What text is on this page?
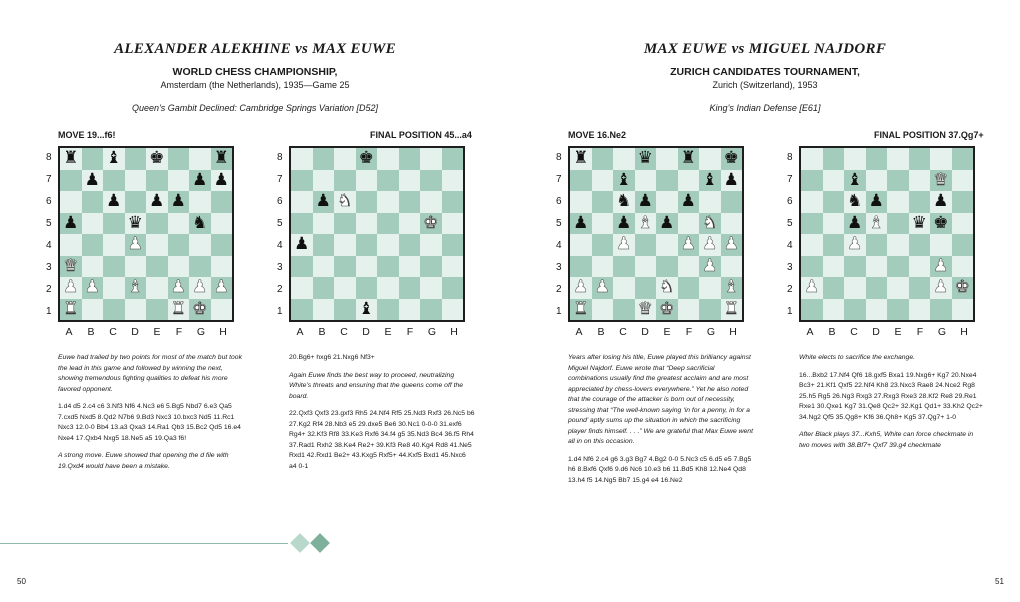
ALEXANDER ALEKHINE vs MAX EUWE
WORLD CHESS CHAMPIONSHIP,
Amsterdam (the Netherlands), 1935—Game 25
Queen’s Gambit Declined: Cambridge Springs Variation [D52]
MOVE 19...f6!
8
7
6
5
4
3
2
1
♜ ♝ ♚	♜
♟	♟ ♟
♟ ♟ ♟
♟	♛	♞
♟
♛
♟ ♟ ♝ ♟ ♟ ♟
♜	♜ ♚
A	B	C	D	E	F	G	H
FINAL POSITION 45...a4
8
7
6
5
4
3
2
1
♚
♟ ♞
♚
♟
♝
A	B	C	D	E	F	G	H

Euwe had trailed by two points for most of the match but took the lead in this game and followed by winning the next, showing tremendous fighting qualities to defeat his more favored opponent.

1.d4 d5 2.c4 c6 3.Nf3 Nf6 4.Nc3 e6 5.Bg5 Nbd7 6.e3 Qa5 7.cxd5 Nxd5 8.Qd2 N7b6 9.Bd3 Nxc3 10.bxc3 Nd5 11.Rc1 Nxc3 12.0-0 Bb4 13.a3 Qxa3 14.Ra1 Qb3 15.Bc2 Qd5 16.e4 Nxe4 17.Qxb4 Nxg5 18.Ne5 a5 19.Qa3 f6!

A strong move. Euwe showed that opening the d file with 19.Qxd4 would have been a mistake.

20.Bg6+ hxg6 21.Nxg6 Nf3+

Again Euwe finds the best way to proceed, neutralizing White’s threats and ensuring that the queens come off the board.

22.Qxf3 Qxf3 23.gxf3 Rh5 24.Nf4 Rf5 25.Nd3 Rxf3 26.Nc5 b6 27.Kg2 Rf4 28.Nb3 e5 29.dxe5 Be6 30.Nc1 0-0-0 31.exf6 Rg4+ 32.Kf3 Rf8 33.Ke3 Rxf6 34.f4 g5 35.Nd3 Bc4 36.f5 Rh4 37.Rad1 Rxh2 38.Ke4 Re2+ 39.Kf3 Re8 40.Kg4 Rd8 41.Ne5 Rxd1 42.Rxd1 Be2+ 43.Kxg5 Rxf5+ 44.Kxf5 Bxd1 45.Nxc6 a4 0-1

50
MAX EUWE vs MIGUEL NAJDORF
ZURICH CANDIDATES TOURNAMENT,
Zurich (Switzerland), 1953
King’s Indian Defense [E61]
MOVE 16.Ne2
8
7
6
5
4
3
2
1
♜	♛ ♜ ♚
♝	♝ ♟
♞ ♟ ♟
♟ ♟ ♝ ♟ ♞
♟	♟ ♟ ♟
♟
♟ ♟	♞	♝
♜	♛ ♚	♜
A	B	C	D	E	F	G	H
FINAL POSITION 37.Qg7+
8
7
6
5
4
3
2
1
♝	♛
♞ ♟	♟
♟ ♝ ♛ ♚
♟
♟
♟	♟ ♚
A	B	C	D	E	F	G	H

Years after losing his title, Euwe played this brilliancy against Miguel Najdorf. Euwe wrote that “Deep sacrificial combinations usually find the greatest acclaim and are most appreciated by chess-lovers everywhere.” Yet he also noted that the courage of the attacker is born out of necessity, stressing that “The well-known saying ‘in for a penny, in for a pound’ aptly sums up the situation in which the sacrificing player finds himself. . . .” We are grateful that Max Euwe went all in on this occasion.

1.d4 Nf6 2.c4 g6 3.g3 Bg7 4.Bg2 0-0 5.Nc3 c5 6.d5 e5 7.Bg5 h6 8.Bxf6 Qxf6 9.d6 Nc6 10.e3 b6 11.Bd5 Kh8 12.Ne4 Qd8 13.h4 f5 14.Ng5 Bb7 15.g4 e4 16.Ne2

White elects to sacrifice the exchange.

16...Bxb2 17.Nf4 Qf6 18.gxf5 Bxa1 19.Nxg6+ Kg7 20.Nxe4 Bc3+ 21.Kf1 Qxf5 22.Nf4 Kh8 23.Nxc3 Rae8 24.Nce2 Rg8 25.h5 Rg5 26.Ng3 Rxg3 27.Rxg3 Rxe3 28.Kf2 Re8 29.Re1 Rxe1 30.Qxe1 Kg7 31.Qe8 Qc2+ 32.Kg1 Qd1+ 33.Kh2 Qc2+ 34.Ng2 Qf5 35.Qg8+ Kf6 36.Qh8+ Kg5 37.Qg7+ 1-0

After Black plays 37...Kxh5, White can force checkmate in two moves with 38.Bf7+ Qxf7 39.g4 checkmate

51
